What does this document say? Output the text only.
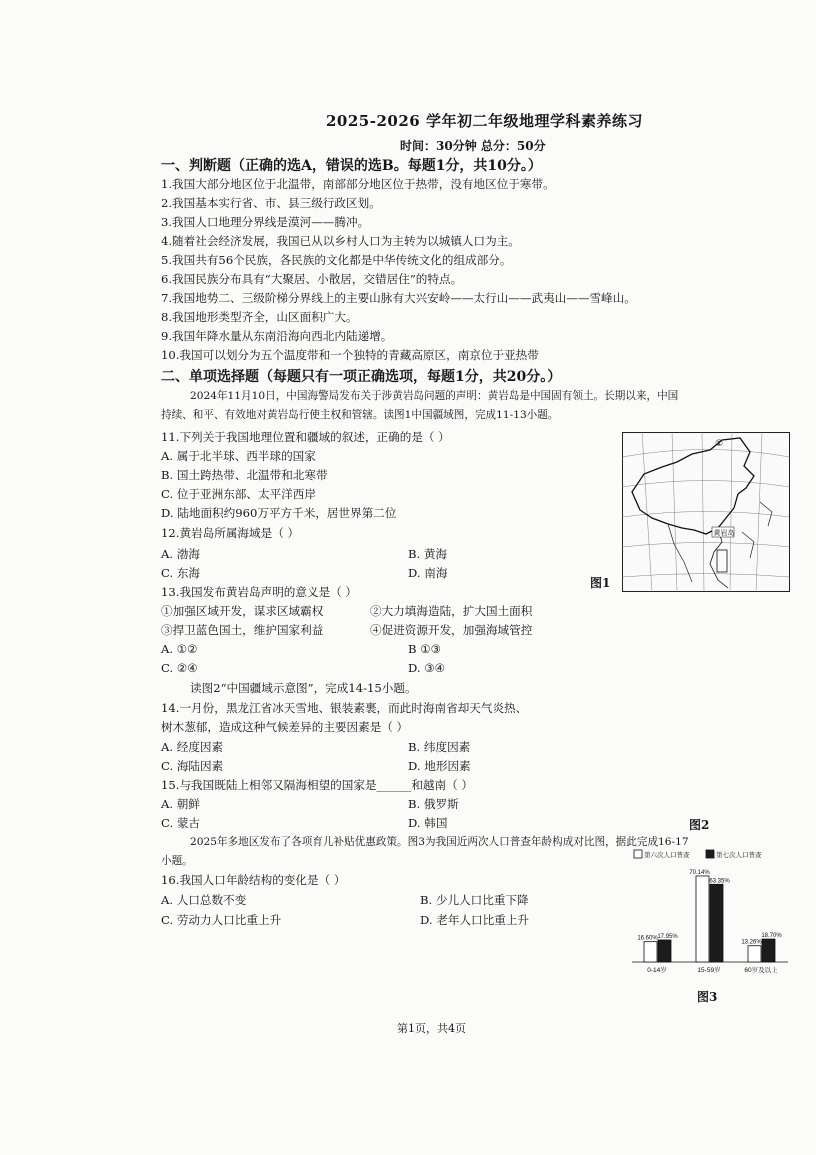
2025-2026 学年初二年级地理学科素养练习
时间：30分钟 总分：50分
一、判断题（正确的选A，错误的选B。每题1分，共10分。）
1.我国大部分地区位于北温带，南部部分地区位于热带，没有地区位于寒带。
2.我国基本实行省、市、县三级行政区划。
3.我国人口地理分界线是漠河——腾冲。
4.随着社会经济发展，我国已从以乡村人口为主转为以城镇人口为主。
5.我国共有56个民族，各民族的文化都是中华传统文化的组成部分。
6.我国民族分布具有“大聚居、小散居，交错居住”的特点。
7.我国地势二、三级阶梯分界线上的主要山脉有大兴安岭——太行山——武夷山——雪峰山。
8.我国地形类型齐全，山区面积广大。
9.我国年降水量从东南沿海向西北内陆递增。
10.我国可以划分为五个温度带和一个独特的青藏高原区，南京位于亚热带
二、单项选择题（每题只有一项正确选项，每题1分，共20分。）
2024年11月10日，中国海警局发布关于涉黄岩岛问题的声明：黄岩岛是中国固有领土。长期以来，中国
持续、和平、有效地对黄岩岛行使主权和管辖。读图1中国疆域图，完成11-13小题。
11.下列关于我国地理位置和疆域的叙述，正确的是（ ）
A. 属于北半球、西半球的国家
B. 国土跨热带、北温带和北寒带
C. 位于亚洲东部、太平洋西岸
D. 陆地面积约960万平方千米，居世界第二位
12.黄岩岛所属海域是（ ）
A. 渤海	B. 黄海
C. 东海	D. 南海
13.我国发布黄岩岛声明的意义是（ ）
①加强区域开发，谋求区域霸权	②大力填海造陆，扩大国土面积
③捍卫蓝色国土，维护国家利益	④促进资源开发，加强海域管控
A. ①②	B ①③
C. ②④	D. ③④
读图2“中国疆域示意图”，完成14-15小题。
14.一月份，黑龙江省冰天雪地、银装素裹，而此时海南省却天气炎热、
树木葱郁，造成这种气候差异的主要因素是（ ）
A. 经度因素	B. 纬度因素
C. 海陆因素	D. 地形因素
15.与我国既陆上相邻又隔海相望的国家是______和越南（ ）
A. 朝鲜	B. 俄罗斯
C. 蒙古	D. 韩国	图2
2025年多地区发布了各项育儿补贴优惠政策。图3为我国近两次人口普查年龄构成对比图，据此完成16-17
小题。
16.我国人口年龄结构的变化是（ ）
A. 人口总数不变	B. 少儿人口比重下降
C. 劳动力人口比重上升	D. 老年人口比重上升
黄岩岛
①
图1
第六次人口普查	第七次人口普查
16.60% 17.95%
70.14%
63.35%
13.26%
18.70%
0-14岁	15-59岁	60岁及以上
图3
第1页，共4页
